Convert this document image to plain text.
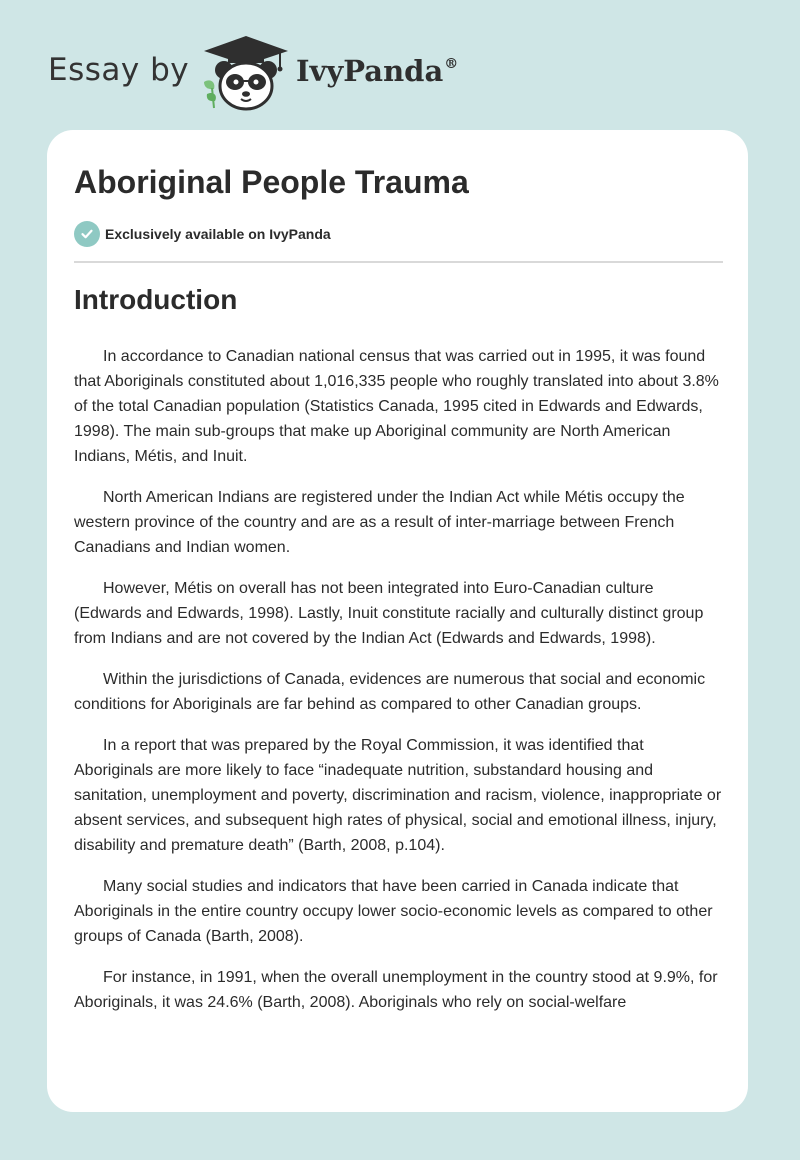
Essay by	IvyPanda®
Aboriginal People Trauma
Exclusively available on IvyPanda
Introduction

In accordance to Canadian national census that was carried out in 1995, it was found that Aboriginals constituted about 1,016,335 people who roughly translated into about 3.8% of the total Canadian population (Statistics Canada, 1995 cited in Edwards and Edwards, 1998). The main sub-groups that make up Aboriginal community are North American Indians, Métis, and Inuit.

North American Indians are registered under the Indian Act while Métis occupy the western province of the country and are as a result of inter-marriage between French Canadians and Indian women.

However, Métis on overall has not been integrated into Euro-Canadian culture (Edwards and Edwards, 1998). Lastly, Inuit constitute racially and culturally distinct group from Indians and are not covered by the Indian Act (Edwards and Edwards, 1998).

Within the jurisdictions of Canada, evidences are numerous that social and economic conditions for Aboriginals are far behind as compared to other Canadian groups.

In a report that was prepared by the Royal Commission, it was identified that Aboriginals are more likely to face “inadequate nutrition, substandard housing and sanitation, unemployment and poverty, discrimination and racism, violence, inappropriate or absent services, and subsequent high rates of physical, social and emotional illness, injury, disability and premature death” (Barth, 2008, p.104).

Many social studies and indicators that have been carried in Canada indicate that Aboriginals in the entire country occupy lower socio-economic levels as compared to other groups of Canada (Barth, 2008).

For instance, in 1991, when the overall unemployment in the country stood at 9.9%, for Aboriginals, it was 24.6% (Barth, 2008). Aboriginals who rely on social-welfare
